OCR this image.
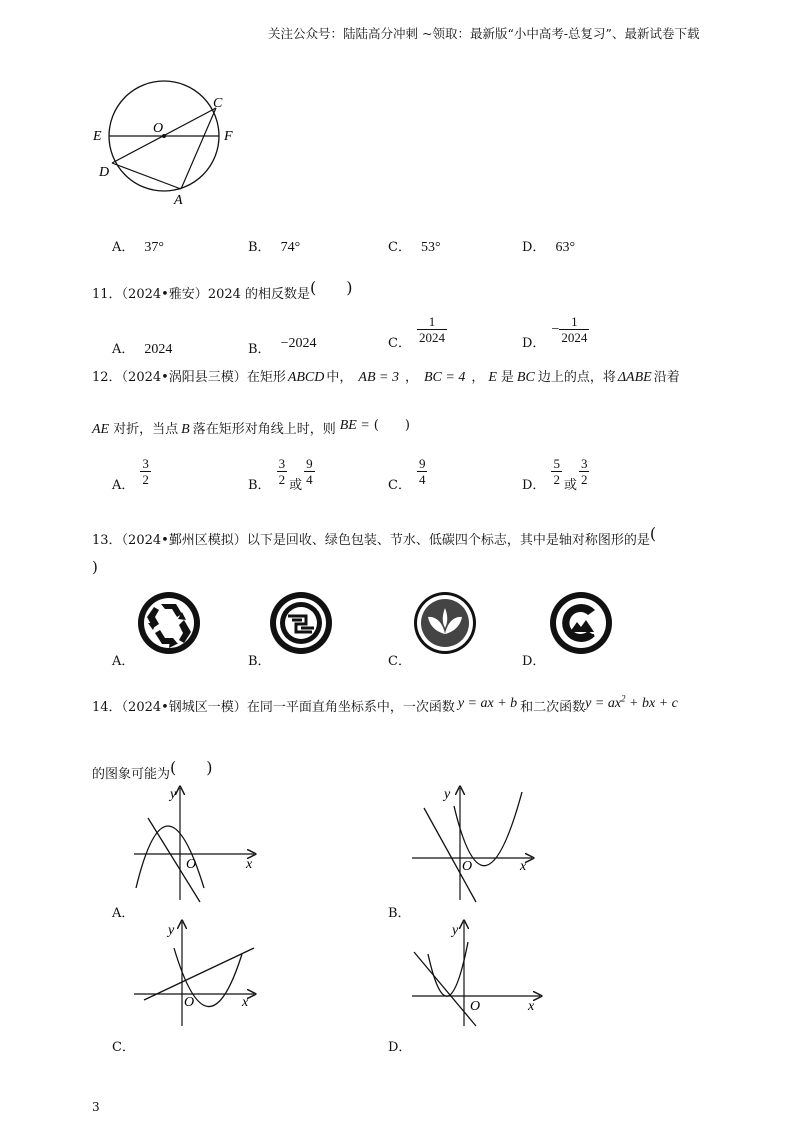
关注公众号：陆陆高分冲刺 ~领取：最新版“小中高考-总复习”、最新试卷下载
E
O
F
C
D
A
A． 37°	B． 74°	C． 53°	D． 63°
11．（2024•雅安）2024 的相反数是( )
A． 2024	B． −2024	C． $\frac{1}{2024}$	D．− $\frac{1}{2024}$
12．（2024•涡阳县三模）在矩形 ABCD 中， AB = 3 ， BC = 4 ， E 是 BC 边上的点，将 ΔABE 沿着
AE 对折，当点 B 落在矩形对角线上时，则 BE = ( )
A． $\frac{3}{2}$	B． $\frac{3}{2}$ 或 $\frac{9}{4}$	C． $\frac{9}{4}$	D． $\frac{5}{2}$ 或 $\frac{3}{2}$
13．（2024•鄞州区模拟）以下是回收、绿色包装、节水、低碳四个标志，其中是轴对称图形的是(
)
A．	B．	C．	D．
14．（2024•钢城区一模）在同一平面直角坐标系中，一次函数 y = ax + b 和二次函数$y = ax^2$ + bx + c
的图象可能为( )
y
x
O
y
x
O
y
x
O
y
x
O
A．	B．
C．	D．
3
